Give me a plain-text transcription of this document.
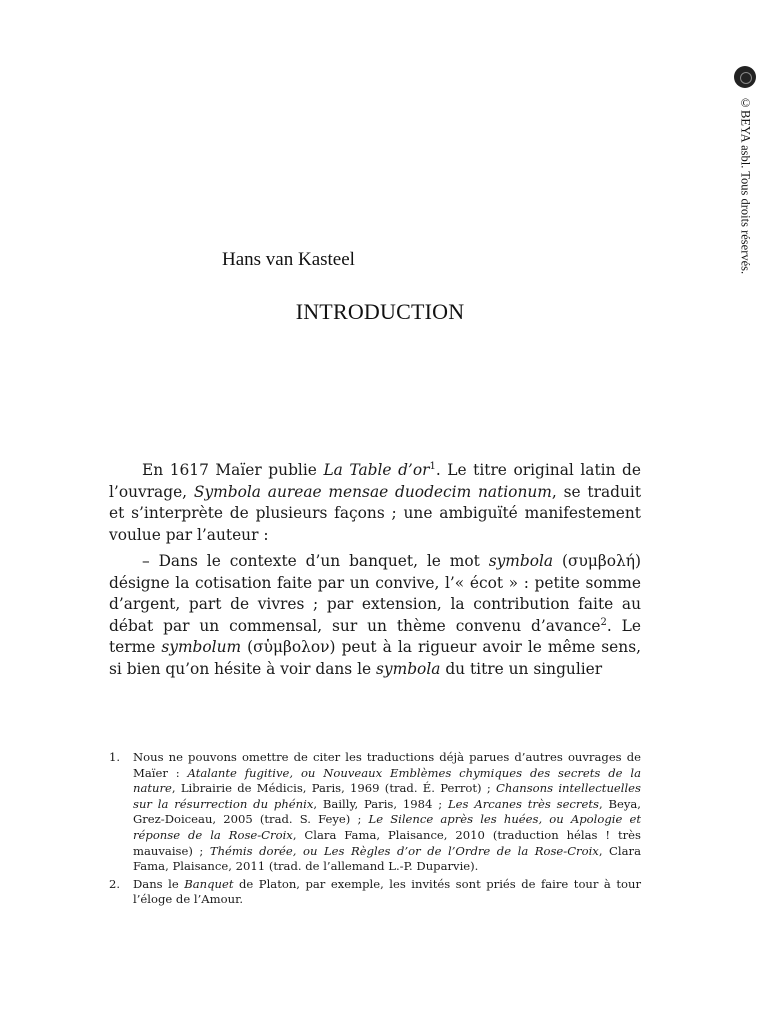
©BEYA asbl. Tous droits réservés.
Hans van Kasteel
INTRODUCTION

En 1617 Maïer publie La Table $d’or^1$. Le titre original latin de l’ouvrage, Symbola aureae mensae duodecim nationum, se traduit et s’interprète de plusieurs façons ; une ambiguïté manifestement voulue par l’auteur :

– Dans le contexte d’un banquet, le mot symbola (συμβολή) désigne la cotisation faite par un convive, l’« écot » : petite somme d’argent, part de vivres ; par extension, la contribution faite au débat par un commensal, sur un thème convenu d’avance$^2$. Le terme symbolum (σὑμβολον) peut à la rigueur avoir le même sens, si bien qu’on hésite à voir dans le symbola du titre un singulier

1. Nous ne pouvons omettre de citer les traductions déjà parues d’autres ouvrages de Maïer : Atalante fugitive, ou Nouveaux Emblèmes chymiques des secrets de la nature, Librairie de Médicis, Paris, 1969 (trad. É. Perrot) ; Chansons intellectuelles sur la résurrection du phénix, Bailly, Paris, 1984 ; Les Arcanes très secrets, Beya, Grez-Doiceau, 2005 (trad. S. Feye) ; Le Silence après les huées, ou Apologie et réponse de la Rose-Croix, Clara Fama, Plaisance, 2010 (traduction hélas ! très mauvaise) ; Thémis dorée, ou Les Règles d’or de l’Ordre de la Rose-Croix, Clara Fama, Plaisance, 2011 (trad. de l’allemand L.-P. Duparvie).
2. Dans le Banquet de Platon, par exemple, les invités sont priés de faire tour à tour l’éloge de l’Amour.
